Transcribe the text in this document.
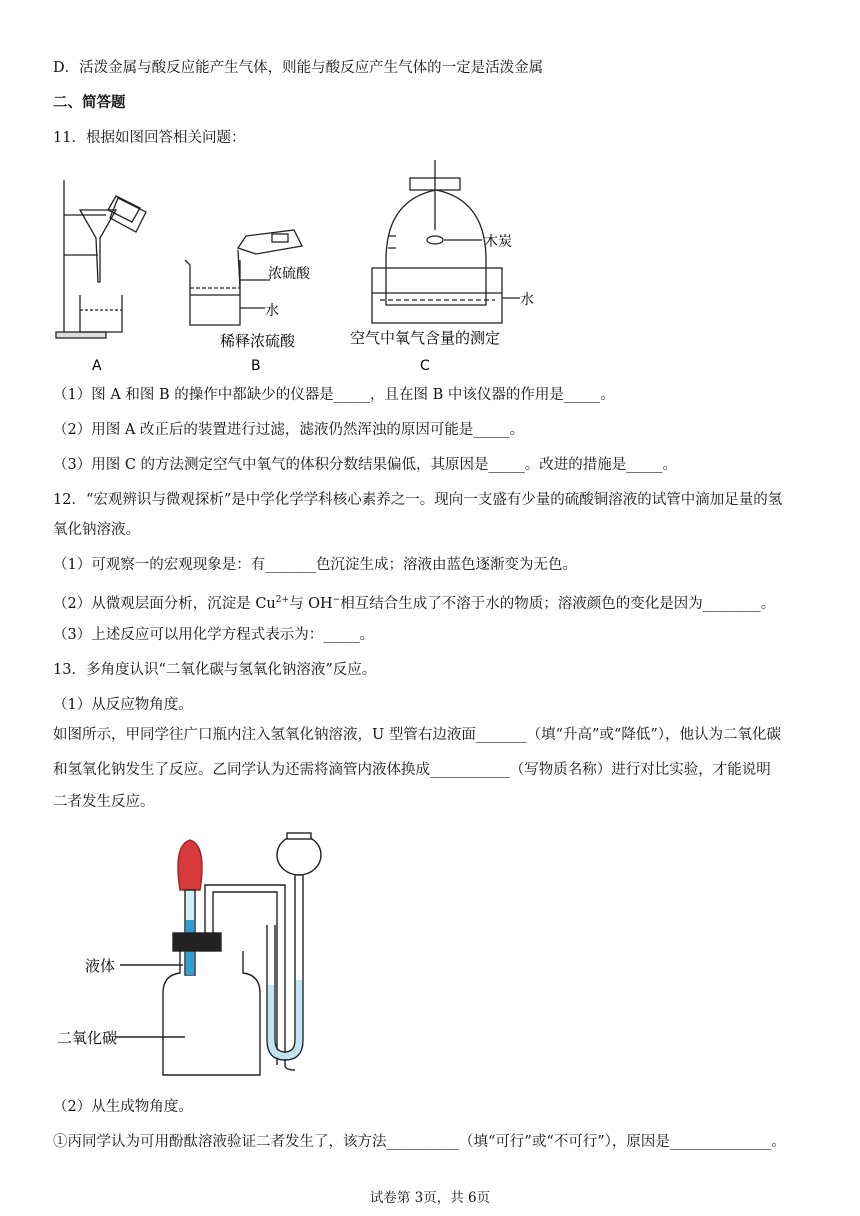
D．活泼金属与酸反应能产生气体，则能与酸反应产生气体的一定是活泼金属
二、简答题
11．根据如图回答相关问题：
浓硫酸
水
稀释浓硫酸
木炭
水
空气中氧气含量的测定
A	B	C
（1）图 A 和图 B 的操作中都缺少的仪器是_____，且在图 B 中该仪器的作用是_____。
（2）用图 A 改正后的装置进行过滤，滤液仍然浑浊的原因可能是_____。
（3）用图 C 的方法测定空气中氧气的体积分数结果偏低，其原因是_____。改进的措施是_____。
12．“宏观辨识与微观探析”是中学化学学科核心素养之一。现向一支盛有少量的硫酸铜溶液的试管中滴加足量的氢
氧化钠溶液。
（1）可观察一的宏观现象是：有_______色沉淀生成；溶液由蓝色逐渐变为无色。
（2）从微观层面分析，沉淀是 $Cu^{2+}$与 OH−相互结合生成了不溶于水的物质；溶液颜色的变化是因为________。
（3）上述反应可以用化学方程式表示为：_____。
13．多角度认识“二氧化碳与氢氧化钠溶液”反应。
（1）从反应物角度。
如图所示，甲同学往广口瓶内注入氢氧化钠溶液，U 型管右边液面_______（填“升高”或“降低”），他认为二氧化碳
和氢氧化钠发生了反应。乙同学认为还需将滴管内液体换成___________（写物质名称）进行对比实验，才能说明
二者发生反应。
液体
二氧化碳
（2）从生成物角度。
①丙同学认为可用酚酞溶液验证二者发生了，该方法__________（填“可行”或“不可行”），原因是______________。
试卷第 3页，共 6页
